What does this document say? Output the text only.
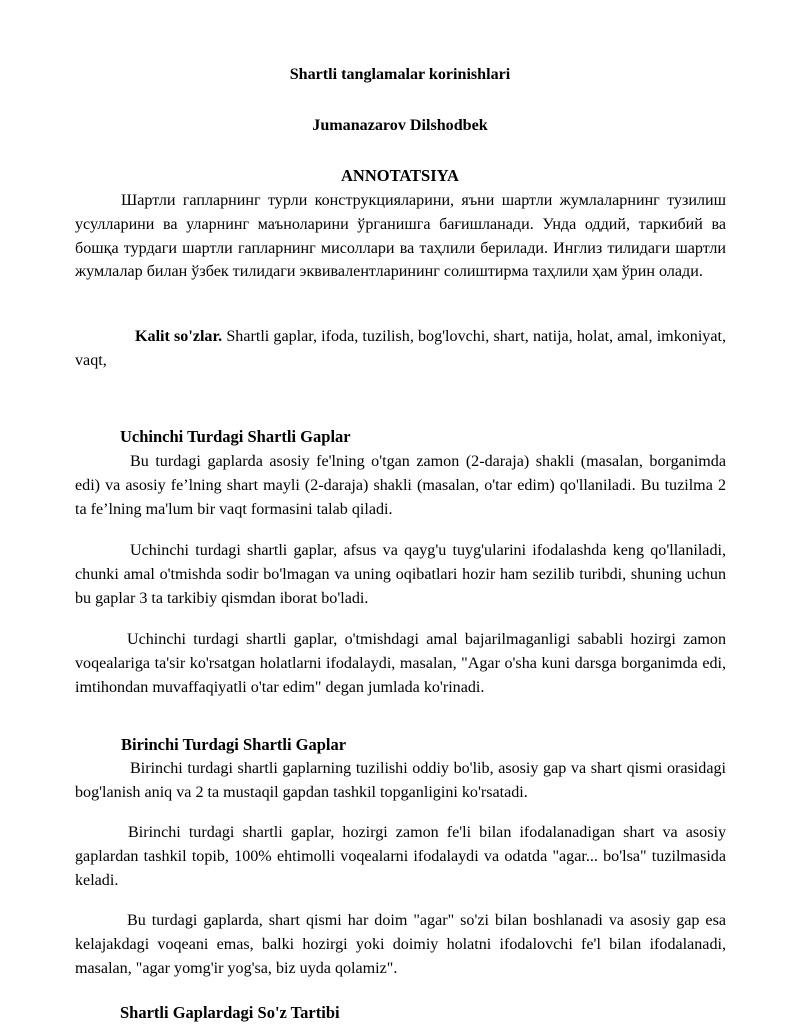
Shartli tanglamalar korinishlari
Jumanazarov Dilshodbek
ANNOTATSIYA

Шартли гапларнинг турли конструкцияларини, яъни шартли жумлаларнинг тузилиш усулларини ва уларнинг маъноларини ўрганишга бағишланади. Унда оддий, таркибий ва бошқа турдаги шартли гапларнинг мисоллари ва таҳлили берилади. Инглиз тилидаги шартли жумлалар билан ўзбек тилидаги эквивалентларининг солиштирма таҳлили ҳам ўрин олади.

Kalit so'zlar. Shartli gaplar, ifoda, tuzilish, bog'lovchi, shart, natija, holat, amal, imkoniyat, vaqt,

Uchinchi Turdagi Shartli Gaplar

Bu turdagi gaplarda asosiy fe'lning o'tgan zamon (2-daraja) shakli (masalan, borganimda edi) va asosiy fe’lning shart mayli (2-daraja) shakli (masalan, o'tar edim) qo'llaniladi. Bu tuzilma 2 ta fe’lning ma'lum bir vaqt formasini talab qiladi.

Uchinchi turdagi shartli gaplar, afsus va qayg'u tuyg'ularini ifodalashda keng qo'llaniladi, chunki amal o'tmishda sodir bo'lmagan va uning oqibatlari hozir ham sezilib turibdi, shuning uchun bu gaplar 3 ta tarkibiy qismdan iborat bo'ladi.

Uchinchi turdagi shartli gaplar, o'tmishdagi amal bajarilmaganligi sababli hozirgi zamon voqealariga ta'sir ko'rsatgan holatlarni ifodalaydi, masalan, "Agar o'sha kuni darsga borganimda edi, imtihondan muvaffaqiyatli o'tar edim" degan jumlada ko'rinadi.

Birinchi Turdagi Shartli Gaplar

Birinchi turdagi shartli gaplarning tuzilishi oddiy bo'lib, asosiy gap va shart qismi orasidagi bog'lanish aniq va 2 ta mustaqil gapdan tashkil topganligini ko'rsatadi.

Birinchi turdagi shartli gaplar, hozirgi zamon fe'li bilan ifodalanadigan shart va asosiy gaplardan tashkil topib, 100% ehtimolli voqealarni ifodalaydi va odatda "agar... bo'lsa" tuzilmasida keladi.

Bu turdagi gaplarda, shart qismi har doim "agar" so'zi bilan boshlanadi va asosiy gap esa kelajakdagi voqeani emas, balki hozirgi yoki doimiy holatni ifodalovchi fe'l bilan ifodalanadi, masalan, "agar yomg'ir yog'sa, biz uyda qolamiz".

Shartli Gaplardagi So'z Tartibi
